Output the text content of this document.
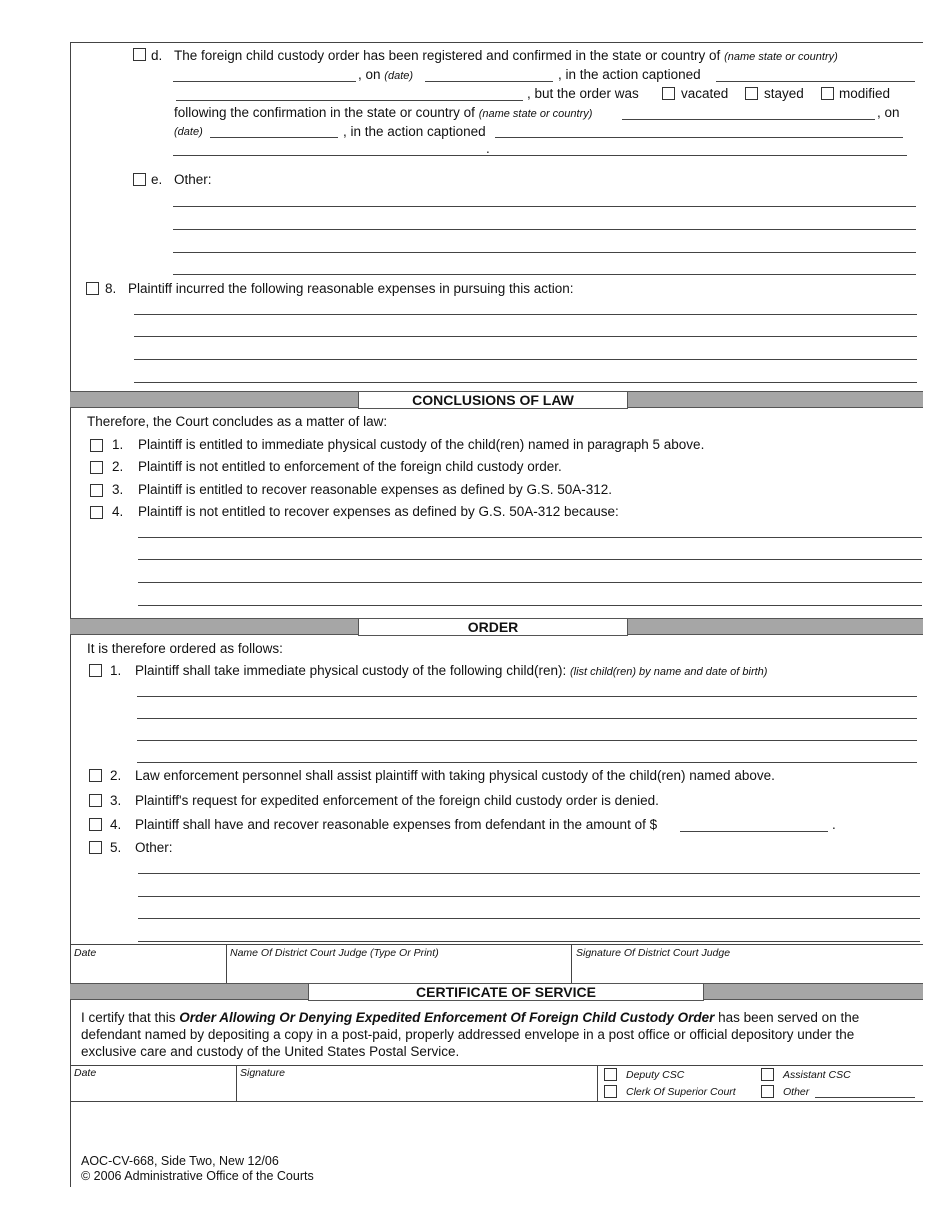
d. The foreign child custody order has been registered and confirmed in the state or country of (name state or country)
, on (date)	, in the action captioned
, but the order was	vacated	stayed	modified
following the confirmation in the state or country of (name state or country)	, on
(date)	, in the action captioned
.
e. Other:
8. Plaintiff incurred the following reasonable expenses in pursuing this action:
CONCLUSIONS OF LAW
Therefore, the Court concludes as a matter of law:
1. Plaintiff is entitled to immediate physical custody of the child(ren) named in paragraph 5 above.
2. Plaintiff is not entitled to enforcement of the foreign child custody order.
3. Plaintiff is entitled to recover reasonable expenses as defined by G.S. 50A-312.
4. Plaintiff is not entitled to recover expenses as defined by G.S. 50A-312 because:
ORDER
It is therefore ordered as follows:
1. Plaintiff shall take immediate physical custody of the following child(ren): (list child(ren) by name and date of birth)
2. Law enforcement personnel shall assist plaintiff with taking physical custody of the child(ren) named above.
3. Plaintiff's request for expedited enforcement of the foreign child custody order is denied.
4. Plaintiff shall have and recover reasonable expenses from defendant in the amount of $	.
5. Other:
Date	Name Of District Court Judge (Type Or Print)	Signature Of District Court Judge
CERTIFICATE OF SERVICE
I certify that this Order Allowing Or Denying Expedited Enforcement Of Foreign Child Custody Order has been served on the defendant named by depositing a copy in a post-paid, properly addressed envelope in a post office or official depository under the exclusive care and custody of the United States Postal Service.
Date	Signature	Deputy CSC	Assistant CSC
Clerk Of Superior Court	Other
AOC-CV-668, Side Two, New 12/06
© 2006 Administrative Office of the Courts
